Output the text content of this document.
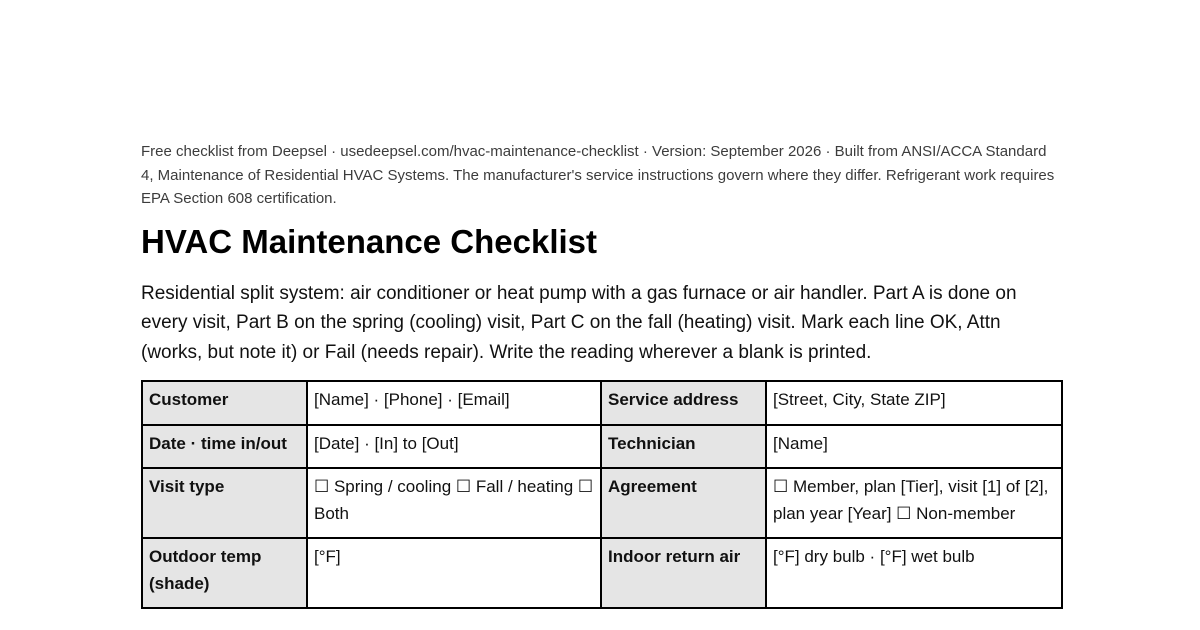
Free checklist from Deepsel · usedeepsel.com/hvac-maintenance-checklist · Version: September 2026 · Built from ANSI/ACCA Standard 4, Maintenance of Residential HVAC Systems. The manufacturer's service instructions govern where they differ. Refrigerant work requires EPA Section 608 certification.

HVAC Maintenance Checklist

Residential split system: air conditioner or heat pump with a gas furnace or air handler. Part A is done on every visit, Part B on the spring (cooling) visit, Part C on the fall (heating) visit. Mark each line OK, Attn (works, but note it) or Fail (needs repair). Write the reading wherever a blank is printed.

Customer	[Name] · [Phone] · [Email]	Service address	[Street, City, State ZIP]
Date · time in/out	[Date] · [In] to [Out]	Technician	[Name]
Visit type	☐ Spring / cooling ☐ Fall / heating ☐ Both	Agreement	☐ Member, plan [Tier], visit [1] of [2], plan year [Year] ☐ Non-member
Outdoor temp (shade)	[°F]	Indoor return air	[°F] dry bulb · [°F] wet bulb
